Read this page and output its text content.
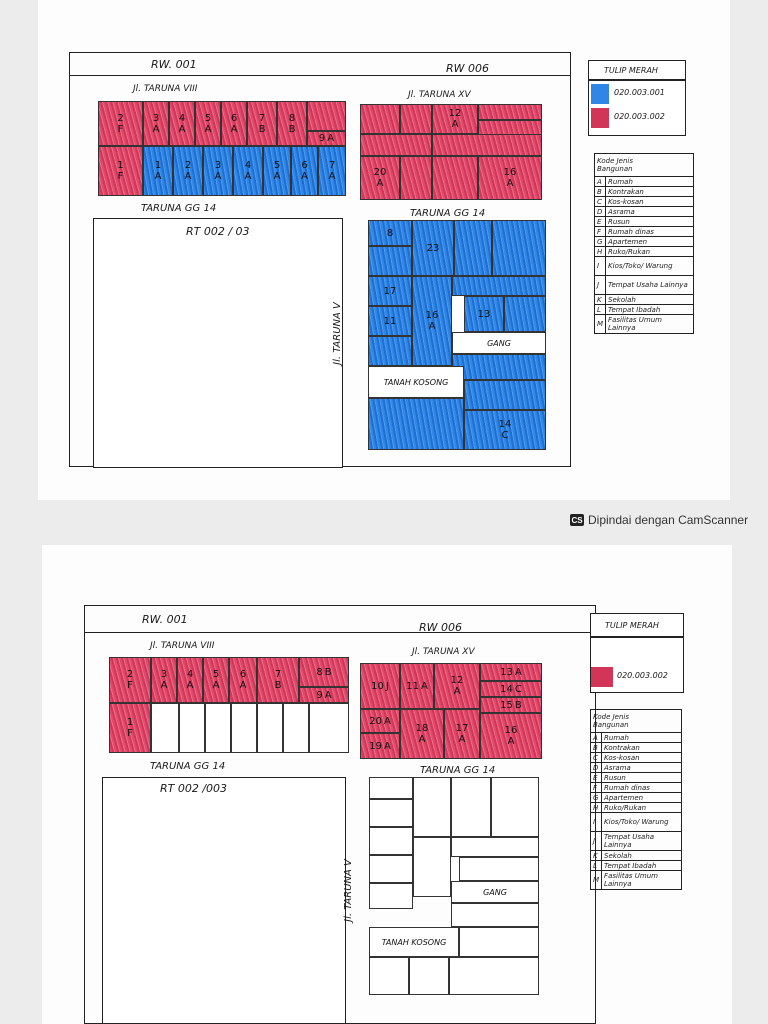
RW. 001	RW 006
Jl. TARUNA VIII
Jl. TARUNA XV
2
F
3
A
4
A
5
A
6
A
7
B
8
B
9 A
1
F
1
A
2
A
3
A
4
A
5
A
6
A
7
A
TARUNA GG 14
RT 002 / 03
12
A
20
A
16
A
TARUNA GG 14
8
23
17
16
A
13
11
GANG
TANAH KOSONG
14
C
Jl. TARUNA V
TULIP MERAH
020.003.001
020.003.002
Kode Jenis
Bangunan	
A	Rumah
B	Kontrakan
C	Kos-kosan
D	Asrama
E	Rusun
F	Rumah dinas
G	Apartemen
H	Ruko/Rukan
I	Kios/Toko/ Warung
J	Tempat Usaha Lainnya
K	Sekolah
L	Tempat Ibadah
M	Fasilitas Umum Lainnya
CS Dipindai dengan CamScanner
RW. 001
RW 006
Jl. TARUNA VIII
Jl. TARUNA XV
2
F
3
A
4
A
5
A
6
A
7
B
8 B
9 A
1
F
TARUNA GG 14
RT 002 /003
10 J 11 A 12
A
13 A
14 C
15 B
20 A
19 A
18
A
17
A
16
A
TARUNA GG 14
GANG
TANAH KOSONG
Jl. TARUNA V
TULIP MERAH
020.003.002
Kode Jenis
Bangunan	
A	Rumah
B	Kontrakan
C	Kos-kosan
D	Asrama
E	Rusun
F	Rumah dinas
G	Apartemen
H	Ruko/Rukan
I	Kios/Toko/ Warung
J	Tempat Usaha Lainnya
K	Sekolah
L	Tempat Ibadah
M	Fasilitas Umum Lainnya
